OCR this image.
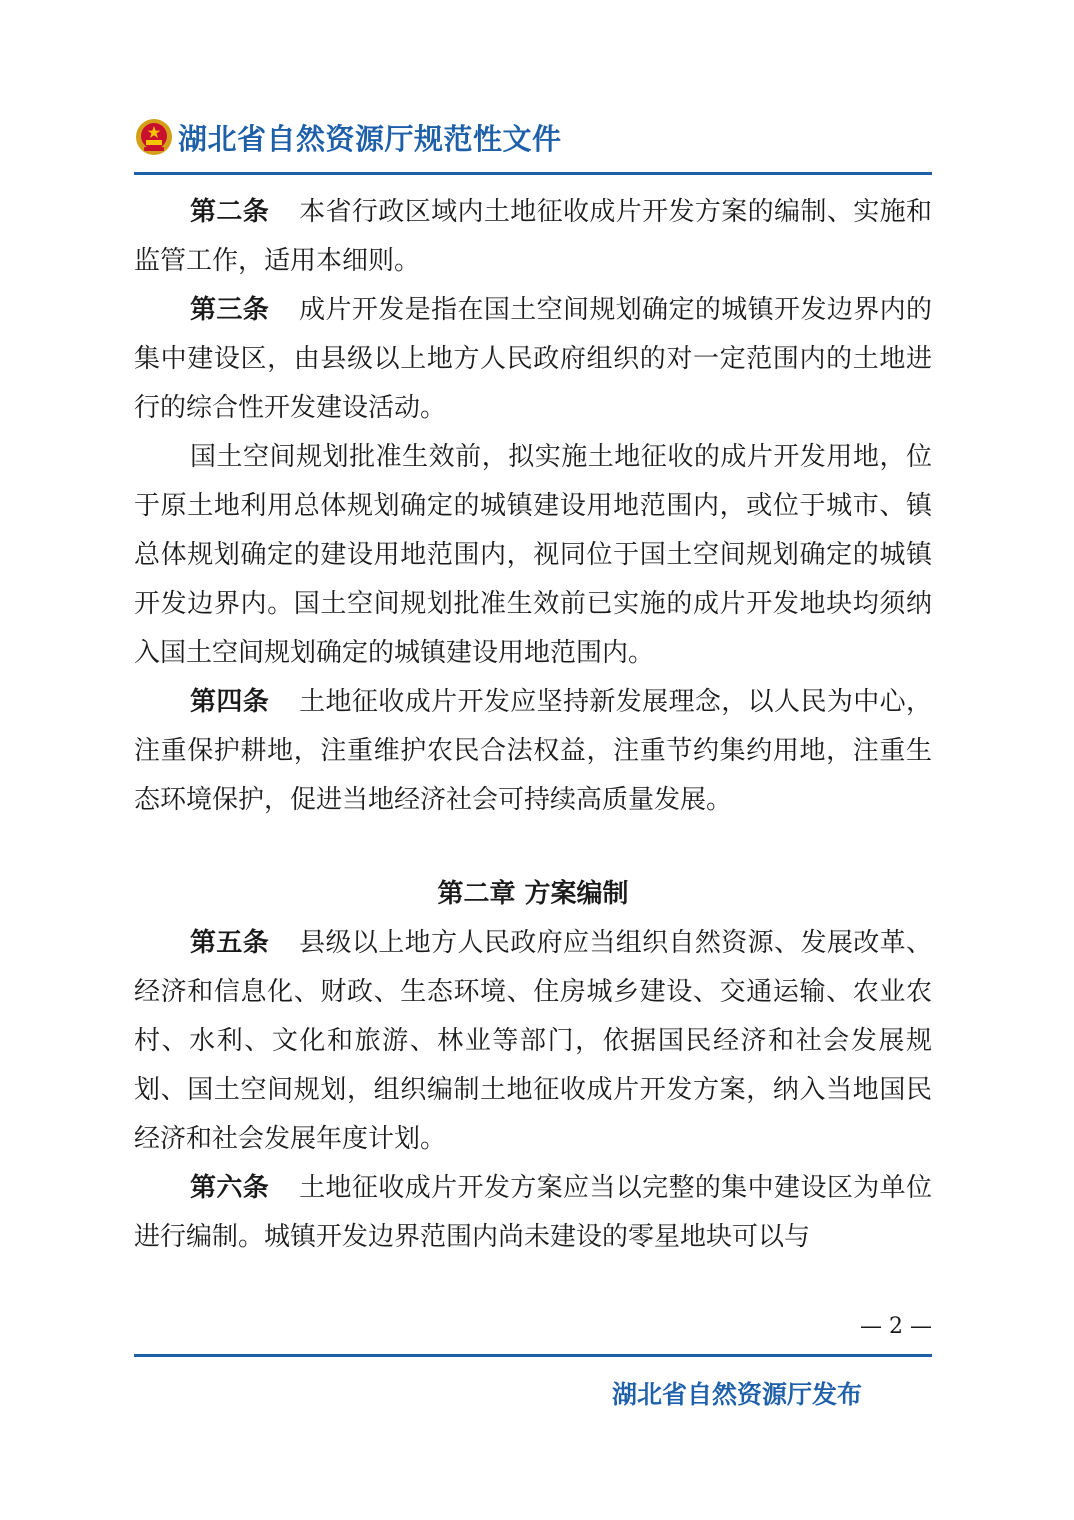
湖北省自然资源厅规范性文件

第二条 本省行政区域内土地征收成片开发方案的编制、实施和监管工作，适用本细则。

第三条 成片开发是指在国土空间规划确定的城镇开发边界内的集中建设区，由县级以上地方人民政府组织的对一定范围内的土地进行的综合性开发建设活动。

国土空间规划批准生效前，拟实施土地征收的成片开发用地，位于原土地利用总体规划确定的城镇建设用地范围内，或位于城市、镇总体规划确定的建设用地范围内，视同位于国土空间规划确定的城镇开发边界内。国土空间规划批准生效前已实施的成片开发地块均须纳入国土空间规划确定的城镇建设用地范围内。

第四条 土地征收成片开发应坚持新发展理念，以人民为中心，注重保护耕地，注重维护农民合法权益，注重节约集约用地，注重生态环境保护，促进当地经济社会可持续高质量发展。

第二章 方案编制

第五条 县级以上地方人民政府应当组织自然资源、发展改革、经济和信息化、财政、生态环境、住房城乡建设、交通运输、农业农村、水利、文化和旅游、林业等部门，依据国民经济和社会发展规划、国土空间规划，组织编制土地征收成片开发方案，纳入当地国民经济和社会发展年度计划。

第六条 土地征收成片开发方案应当以完整的集中建设区为单位进行编制。城镇开发边界范围内尚未建设的零星地块可以与

— 2 —
湖北省自然资源厅发布
